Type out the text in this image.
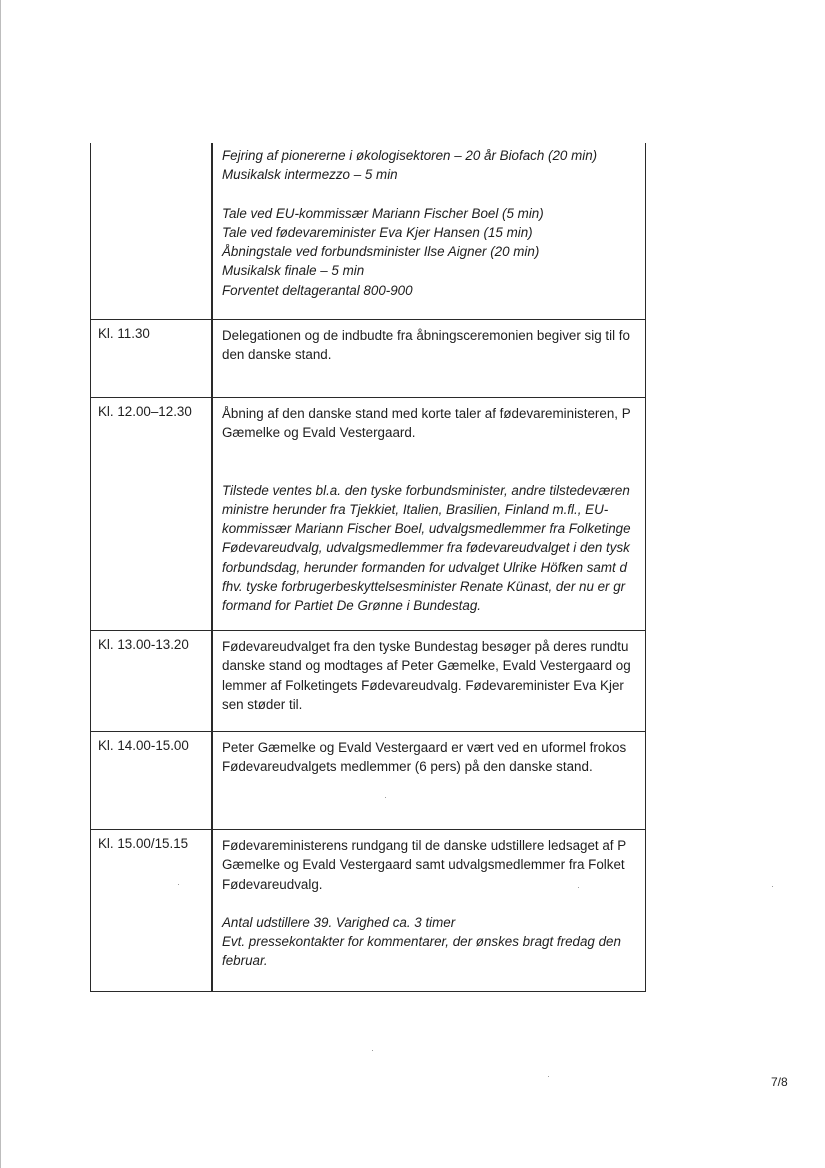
Fejring af pionererne i økologisektoren – 20 år Biofach (20 min)

Musikalsk intermezzo – 5 min

Tale ved EU-kommissær Mariann Fischer Boel (5 min)

Tale ved fødevareminister Eva Kjer Hansen (15 min)

Åbningstale ved forbundsminister Ilse Aigner (20 min)

Musikalsk finale – 5 min

Forventet deltagerantal 800-900

Kl. 11.30	Delegationen og de indbudte fra åbningsceremonien begiver sig til fo

den danske stand.

Kl. 12.00–12.30 Åbning af den danske stand med korte taler af fødevareministeren, P

Gæmelke og Evald Vestergaard.

Tilstede ventes bl.a. den tyske forbundsminister, andre tilstedeværen

ministre herunder fra Tjekkiet, Italien, Brasilien, Finland m.fl., EU-

kommissær Mariann Fischer Boel, udvalgsmedlemmer fra Folketinge

Fødevareudvalg, udvalgsmedlemmer fra fødevareudvalget i den tysk

forbundsdag, herunder formanden for udvalget Ulrike Höfken samt d

fhv. tyske forbrugerbeskyttelsesminister Renate Künast, der nu er gr

formand for Partiet De Grønne i Bundestag.

Kl. 13.00-13.20 Fødevareudvalget fra den tyske Bundestag besøger på deres rundtu

danske stand og modtages af Peter Gæmelke, Evald Vestergaard og

lemmer af Folketingets Fødevareudvalg. Fødevareminister Eva Kjer

sen støder til.

Kl. 14.00-15.00 Peter Gæmelke og Evald Vestergaard er vært ved en uformel frokos

Fødevareudvalgets medlemmer (6 pers) på den danske stand.

Kl. 15.00/15.15	Fødevareministerens rundgang til de danske udstillere ledsaget af P

Gæmelke og Evald Vestergaard samt udvalgsmedlemmer fra Folket

Fødevareudvalg.

Antal udstillere 39. Varighed ca. 3 timer

Evt. pressekontakter for kommentarer, der ønskes bragt fredag den

februar.

7/8
